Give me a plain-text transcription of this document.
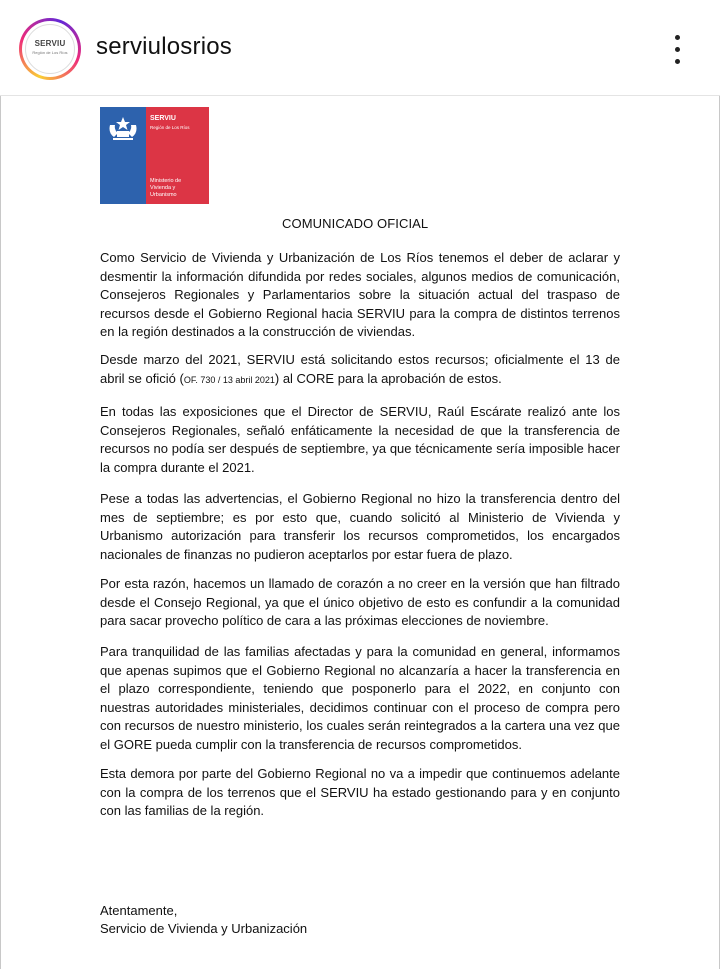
SERVIU
Región de Los Ríos serviulosrios
SERVIU
Región de Los Ríos
Ministerio de
Vivienda y
Urbanismo
COMUNICADO OFICIAL
Como Servicio de Vivienda y Urbanización de Los Ríos tenemos el deber de aclarar y desmentir la información difundida por redes sociales, algunos medios de comunicación, Consejeros Regionales y Parlamentarios sobre la situación actual del traspaso de recursos desde el Gobierno Regional hacia SERVIU para la compra de distintos terrenos en la región destinados a la construcción de viviendas.
Desde marzo del 2021, SERVIU está solicitando estos recursos; oficialmente el 13 de abril se ofició (OF. 730 / 13 abril 2021) al CORE para la aprobación de estos.
En todas las exposiciones que el Director de SERVIU, Raúl Escárate realizó ante los Consejeros Regionales, señaló enfáticamente la necesidad de que la transferencia de recursos no podía ser después de septiembre, ya que técnicamente sería imposible hacer la compra durante el 2021.
Pese a todas las advertencias, el Gobierno Regional no hizo la transferencia dentro del mes de septiembre; es por esto que, cuando solicitó al Ministerio de Vivienda y Urbanismo autorización para transferir los recursos comprometidos, los encargados nacionales de finanzas no pudieron aceptarlos por estar fuera de plazo.
Por esta razón, hacemos un llamado de corazón a no creer en la versión que han filtrado desde el Consejo Regional, ya que el único objetivo de esto es confundir a la comunidad para sacar provecho político de cara a las próximas elecciones de noviembre.
Para tranquilidad de las familias afectadas y para la comunidad en general, informamos que apenas supimos que el Gobierno Regional no alcanzaría a hacer la transferencia en el plazo correspondiente, teniendo que posponerlo para el 2022, en conjunto con nuestras autoridades ministeriales, decidimos continuar con el proceso de compra pero con recursos de nuestro ministerio, los cuales serán reintegrados a la cartera una vez que el GORE pueda cumplir con la transferencia de recursos comprometidos.
Esta demora por parte del Gobierno Regional no va a impedir que continuemos adelante con la compra de los terrenos que el SERVIU ha estado gestionando para y en conjunto con las familias de la región.
Atentamente,
Servicio de Vivienda y Urbanización
